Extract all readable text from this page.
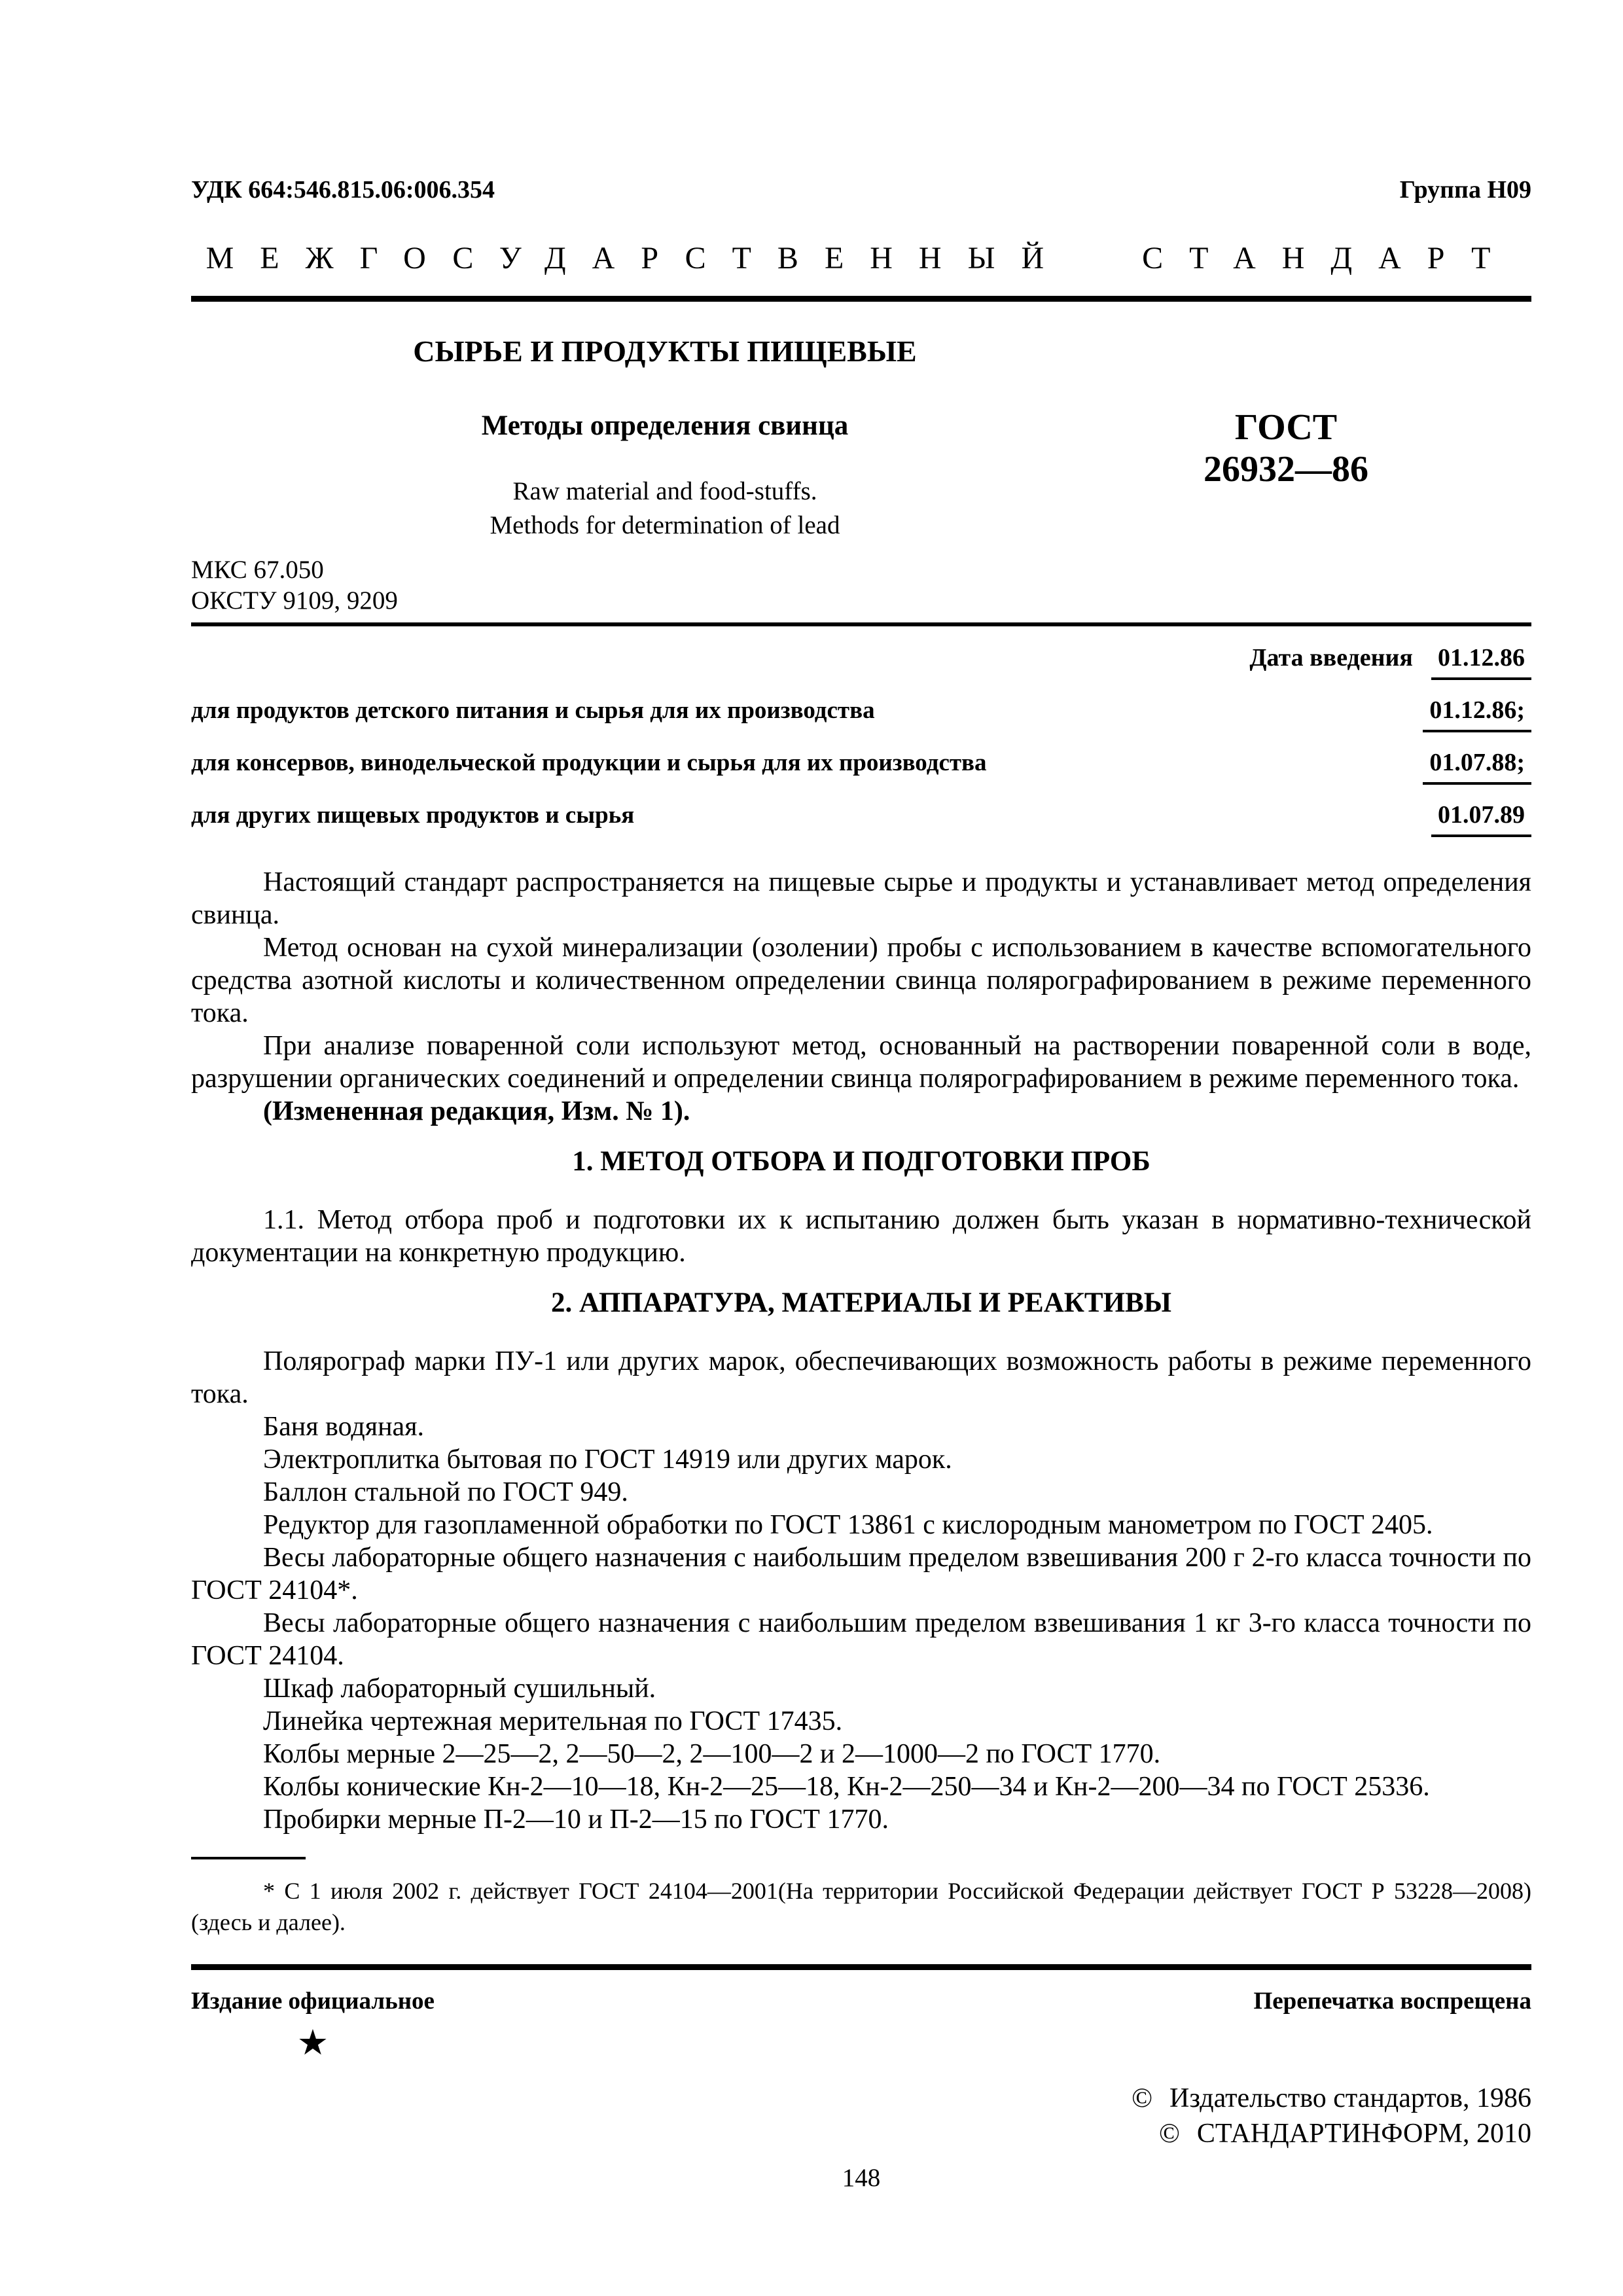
УДК 664:546.815.06:006.354	Группа Н09
МЕЖГОСУДАРСТВЕННЫЙ СТАНДАРТ
СЫРЬЕ И ПРОДУКТЫ ПИЩЕВЫЕ
Методы определения свинца
Raw material and food-stuffs.
Methods for determination of lead
ГОСТ
26932—86
МКС 67.050
ОКСТУ 9109, 9209
Дата введения 01.12.86
для продуктов детского питания и сырья для их производства	01.12.86;
для консервов, винодельческой продукции и сырья для их производства	01.07.88;
для других пищевых продуктов и сырья	01.07.89
Настоящий стандарт распространяется на пищевые сырье и продукты и устанавливает метод определения свинца.
Метод основан на сухой минерализации (озолении) пробы с использованием в качестве вспомогательного средства азотной кислоты и количественном определении свинца полярографированием в режиме переменного тока.
При анализе поваренной соли используют метод, основанный на растворении поваренной соли в воде, разрушении органических соединений и определении свинца полярографированием в режиме переменного тока.
(Измененная редакция, Изм. № 1).
1. МЕТОД ОТБОРА И ПОДГОТОВКИ ПРОБ
1.1. Метод отбора проб и подготовки их к испытанию должен быть указан в нормативно-технической документации на конкретную продукцию.
2. АППАРАТУРА, МАТЕРИАЛЫ И РЕАКТИВЫ
Полярограф марки ПУ-1 или других марок, обеспечивающих возможность работы в режиме переменного тока.
Баня водяная.
Электроплитка бытовая по ГОСТ 14919 или других марок.
Баллон стальной по ГОСТ 949.
Редуктор для газопламенной обработки по ГОСТ 13861 с кислородным манометром по ГОСТ 2405.
Весы лабораторные общего назначения с наибольшим пределом взвешивания 200 г 2-го класса точности по ГОСТ 24104*.
Весы лабораторные общего назначения с наибольшим пределом взвешивания 1 кг 3-го класса точности по ГОСТ 24104.
Шкаф лабораторный сушильный.
Линейка чертежная мерительная по ГОСТ 17435.
Колбы мерные 2—25—2, 2—50—2, 2—100—2 и 2—1000—2 по ГОСТ 1770.
Колбы конические Кн-2—10—18, Кн-2—25—18, Кн-2—250—34 и Кн-2—200—34 по ГОСТ 25336.
Пробирки мерные П-2—10 и П-2—15 по ГОСТ 1770.
* С 1 июля 2002 г. действует ГОСТ 24104—2001(На территории Российской Федерации действует ГОСТ Р 53228—2008) (здесь и далее).
Издание официальное
★
Перепечатка воспрещена
© Издательство стандартов, 1986
© СТАНДАРТИНФОРМ, 2010
148
